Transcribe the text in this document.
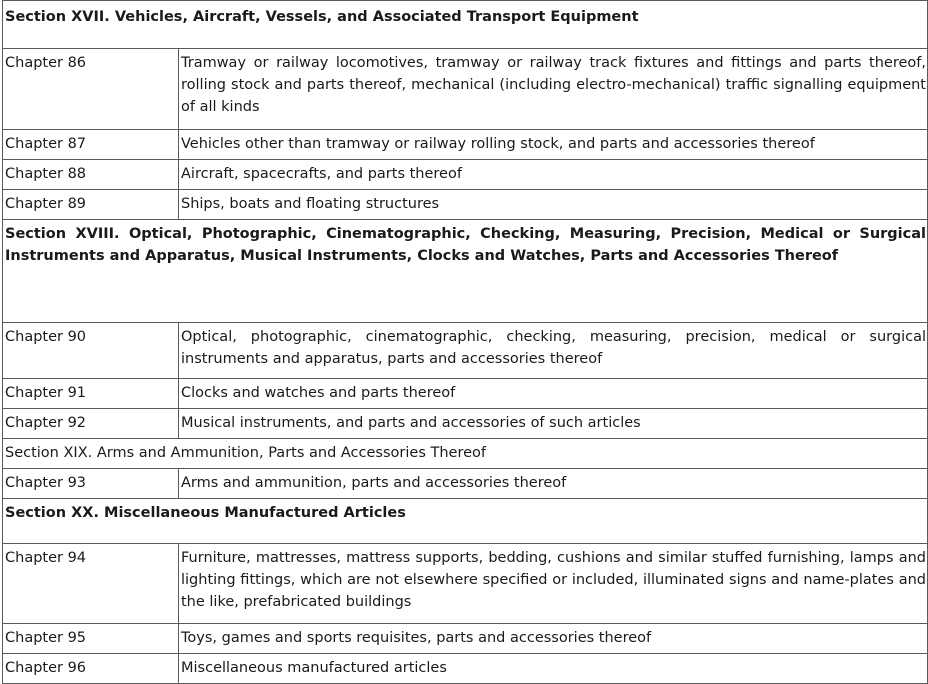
Section XVII. Vehicles, Aircraft, Vessels, and Associated Transport Equipment	
Chapter 86	Tramway or railway locomotives, tramway or railway track fixtures and fittings and parts thereof, rolling stock and parts thereof, mechanical (including electro-mechanical) traffic signalling equipment of all kinds
Chapter 87	Vehicles other than tramway or railway rolling stock, and parts and accessories thereof
Chapter 88	Aircraft, spacecrafts, and parts thereof
Chapter 89	Ships, boats and floating structures
Section XVIII. Optical, Photographic, Cinematographic, Checking, Measuring, Precision, Medical or Surgical Instruments and Apparatus, Musical Instruments, Clocks and Watches, Parts and Accessories Thereof	
Chapter 90	Optical, photographic, cinematographic, checking, measuring, precision, medical or surgical instruments and apparatus, parts and accessories thereof
Chapter 91	Clocks and watches and parts thereof
Chapter 92	Musical instruments, and parts and accessories of such articles
Section XIX. Arms and Ammunition, Parts and Accessories Thereof	
Chapter 93	Arms and ammunition, parts and accessories thereof
Section XX. Miscellaneous Manufactured Articles	
Chapter 94	Furniture, mattresses, mattress supports, bedding, cushions and similar stuffed furnishing, lamps and lighting fittings, which are not elsewhere specified or included, illuminated signs and name-plates and the like, prefabricated buildings
Chapter 95	Toys, games and sports requisites, parts and accessories thereof
Chapter 96	Miscellaneous manufactured articles
